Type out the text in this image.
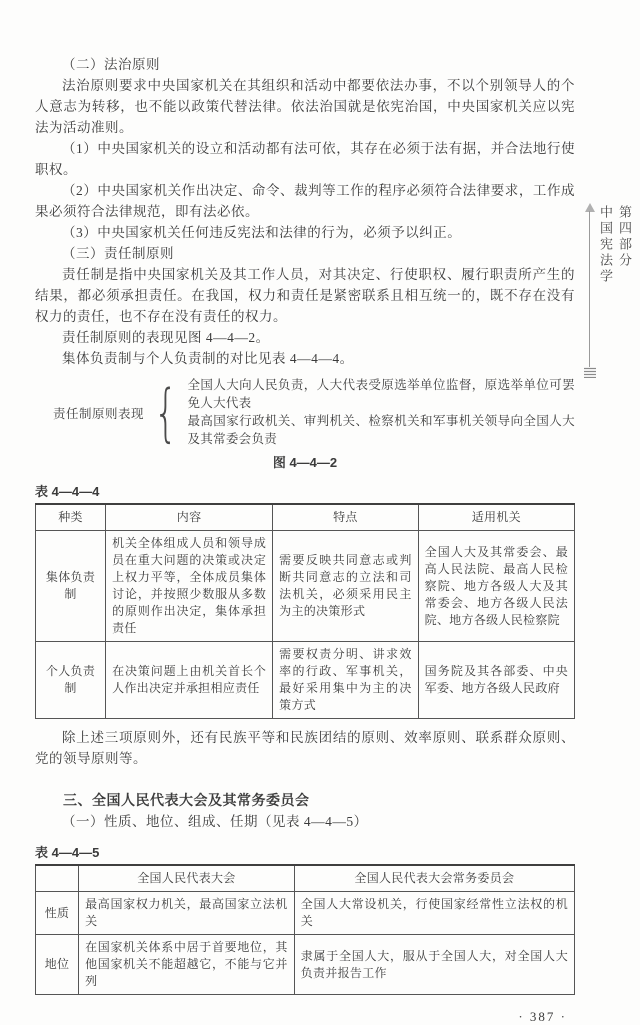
（二）法治原则

法治原则要求中央国家机关在其组织和活动中都要依法办事，不以个别领导人的个人意志为转移，也不能以政策代替法律。依法治国就是依宪治国，中央国家机关应以宪法为活动准则。

（1）中央国家机关的设立和活动都有法可依，其存在必须于法有据，并合法地行使职权。

（2）中央国家机关作出决定、命令、裁判等工作的程序必须符合法律要求，工作成果必须符合法律规范，即有法必依。

（3）中央国家机关任何违反宪法和法律的行为，必须予以纠正。

（三）责任制原则

责任制是指中央国家机关及其工作人员，对其决定、行使职权、履行职责所产生的结果，都必须承担责任。在我国，权力和责任是紧密联系且相互统一的，既不存在没有权力的责任，也不存在没有责任的权力。

责任制原则的表现见图 4—4—2。

集体负责制与个人负责制的对比见表 4—4—4。

责任制原则表现 { 全国人大向人民负责，人大代表受原选举单位监督，原选举单位可罢免人大代表
最高国家行政机关、审判机关、检察机关和军事机关领导向全国人大及其常委会负责

图 4—4—2

表 4—4—4
种类	内容	特点	适用机关
集体负责制	机关全体组成人员和领导成员在重大问题的决策或决定上权力平等，全体成员集体讨论，并按照少数服从多数的原则作出决定，集体承担责任	需要反映共同意志或判断共同意志的立法和司法机关，必须采用民主为主的决策形式	全国人大及其常委会、最高人民法院、最高人民检察院、地方各级人大及其常委会、地方各级人民法院、地方各级人民检察院
个人负责制	在决策问题上由机关首长个人作出决定并承担相应责任	需要权责分明、讲求效率的行政、军事机关，最好采用集中为主的决策方式	国务院及其各部委、中央军委、地方各级人民政府

除上述三项原则外，还有民族平等和民族团结的原则、效率原则、联系群众原则、党的领导原则等。

三、全国人民代表大会及其常务委员会

（一）性质、地位、组成、任期（见表 4—4—5）

表 4—4—5
	全国人民代表大会	全国人民代表大会常务委员会
性质	最高国家权力机关，最高国家立法机关	全国人大常设机关，行使国家经常性立法权的机关
地位	在国家机关体系中居于首要地位，其他国家机关不能超越它，不能与它并列	隶属于全国人大，服从于全国人大，对全国人大负责并报告工作
· 387 ·
第四部分
中国宪法学
